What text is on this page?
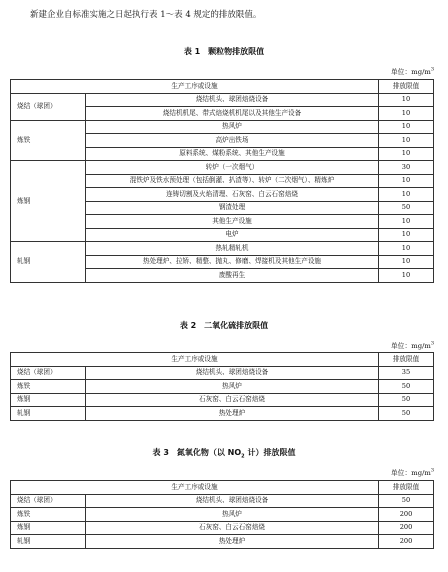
新建企业自标准实施之日起执行表 1～表 4 规定的排放限值。
表 1　颗粒物排放限值
单位：$mg/m^3$
生产工序或设施		排放限值
烧结（球团）	烧结机头、球团焙烧设备	10
	烧结机机尾、带式焙烧机机尾以及其他生产设备	10
炼铁	热风炉	10
	高炉出铁场	10
	原料系统、煤粉系统、其他生产设施	10
炼钢	转炉（一次烟气）	30
	混铁炉及铁水预处理（包括倒灌、扒渣等）、转炉（二次烟气）、精炼炉	10
	连铸切割及火焰清理、石灰窑、白云石窑焙烧	10
	钢渣处理	50
	其他生产设施	10
	电炉	10
轧钢	热轧精轧机	10
	热处理炉、拉矫、精整、抛丸、修磨、焊接机及其他生产设施	10
	废酸再生	10
表 2　二氧化硫排放限值
单位：$mg/m^3$
生产工序或设施		排放限值
烧结（球团）	烧结机头、球团焙烧设备	35
炼铁	热风炉	50
炼钢	石灰窑、白云石窑焙烧	50
轧钢	热处理炉	50
表 3　氮氧化物（以 $NO_2$ 计）排放限值
单位：$mg/m^3$
生产工序或设施		排放限值
烧结（球团）	烧结机头、球团焙烧设备	50
炼铁	热风炉	200
炼钢	石灰窑、白云石窑焙烧	200
轧钢	热处理炉	200
